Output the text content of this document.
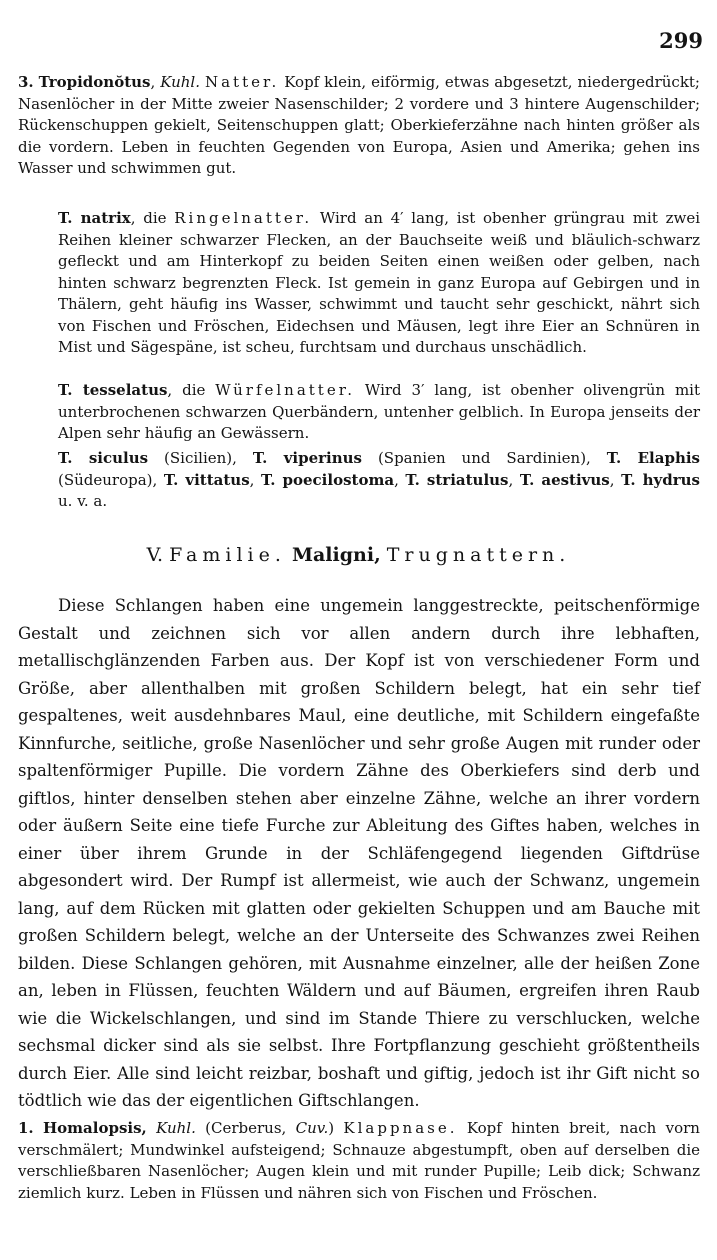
299

3. Tropidonŏtus, Kuhl. Natter. Kopf klein, eiförmig, etwas abgesetzt, niedergedrückt; Nasenlöcher in der Mitte zweier Nasenschilder; 2 vordere und 3 hintere Augenschilder; Rückenschuppen gekielt, Seitenschuppen glatt; Oberkieferzähne nach hinten größer als die vordern. Leben in feuchten Gegenden von Europa, Asien und Amerika; gehen ins Wasser und schwimmen gut.

T. natrix, die Ringelnatter. Wird an 4′ lang, ist obenher grüngrau mit zwei Reihen kleiner schwarzer Flecken, an der Bauchseite weiß und bläulich-schwarz gefleckt und am Hinterkopf zu beiden Seiten einen weißen oder gelben, nach hinten schwarz begrenzten Fleck. Ist gemein in ganz Europa auf Gebirgen und in Thälern, geht häufig ins Wasser, schwimmt und taucht sehr geschickt, nährt sich von Fischen und Fröschen, Eidechsen und Mäusen, legt ihre Eier an Schnüren in Mist und Sägespäne, ist scheu, furchtsam und durchaus unschädlich.

T. tesselatus, die Würfelnatter. Wird 3′ lang, ist obenher olivengrün mit unterbrochenen schwarzen Querbändern, untenher gelblich. In Europa jenseits der Alpen sehr häufig an Gewässern.

T. siculus (Sicilien), T. viperinus (Spanien und Sardinien), T. Elaphis (Südeuropa), T. vittatus, T. poecilostoma, T. striatulus, T. aestivus, T. hydrus u. v. a.

V. Familie. Maligni, Trugnattern.

Diese Schlangen haben eine ungemein langgestreckte, peitschenförmige Gestalt und zeichnen sich vor allen andern durch ihre lebhaften, metallischglänzenden Farben aus. Der Kopf ist von verschiedener Form und Größe, aber allenthalben mit großen Schildern belegt, hat ein sehr tief gespaltenes, weit ausdehnbares Maul, eine deutliche, mit Schildern eingefaßte Kinnfurche, seitliche, große Nasenlöcher und sehr große Augen mit runder oder spaltenförmiger Pupille. Die vordern Zähne des Oberkiefers sind derb und giftlos, hinter denselben stehen aber einzelne Zähne, welche an ihrer vordern oder äußern Seite eine tiefe Furche zur Ableitung des Giftes haben, welches in einer über ihrem Grunde in der Schläfengegend liegenden Giftdrüse abgesondert wird. Der Rumpf ist allermeist, wie auch der Schwanz, ungemein lang, auf dem Rücken mit glatten oder gekielten Schuppen und am Bauche mit großen Schildern belegt, welche an der Unterseite des Schwanzes zwei Reihen bilden. Diese Schlangen gehören, mit Ausnahme einzelner, alle der heißen Zone an, leben in Flüssen, feuchten Wäldern und auf Bäumen, ergreifen ihren Raub wie die Wickelschlangen, und sind im Stande Thiere zu verschlucken, welche sechsmal dicker sind als sie selbst. Ihre Fortpflanzung geschieht größtentheils durch Eier. Alle sind leicht reizbar, boshaft und giftig, jedoch ist ihr Gift nicht so tödtlich wie das der eigentlichen Giftschlangen.

1. Homalopsis, Kuhl. (Cerberus, Cuv.) Klappnase. Kopf hinten breit, nach vorn verschmälert; Mundwinkel aufsteigend; Schnauze abgestumpft, oben auf derselben die verschließbaren Nasenlöcher; Augen klein und mit runder Pupille; Leib dick; Schwanz ziemlich kurz. Leben in Flüssen und nähren sich von Fischen und Fröschen.
